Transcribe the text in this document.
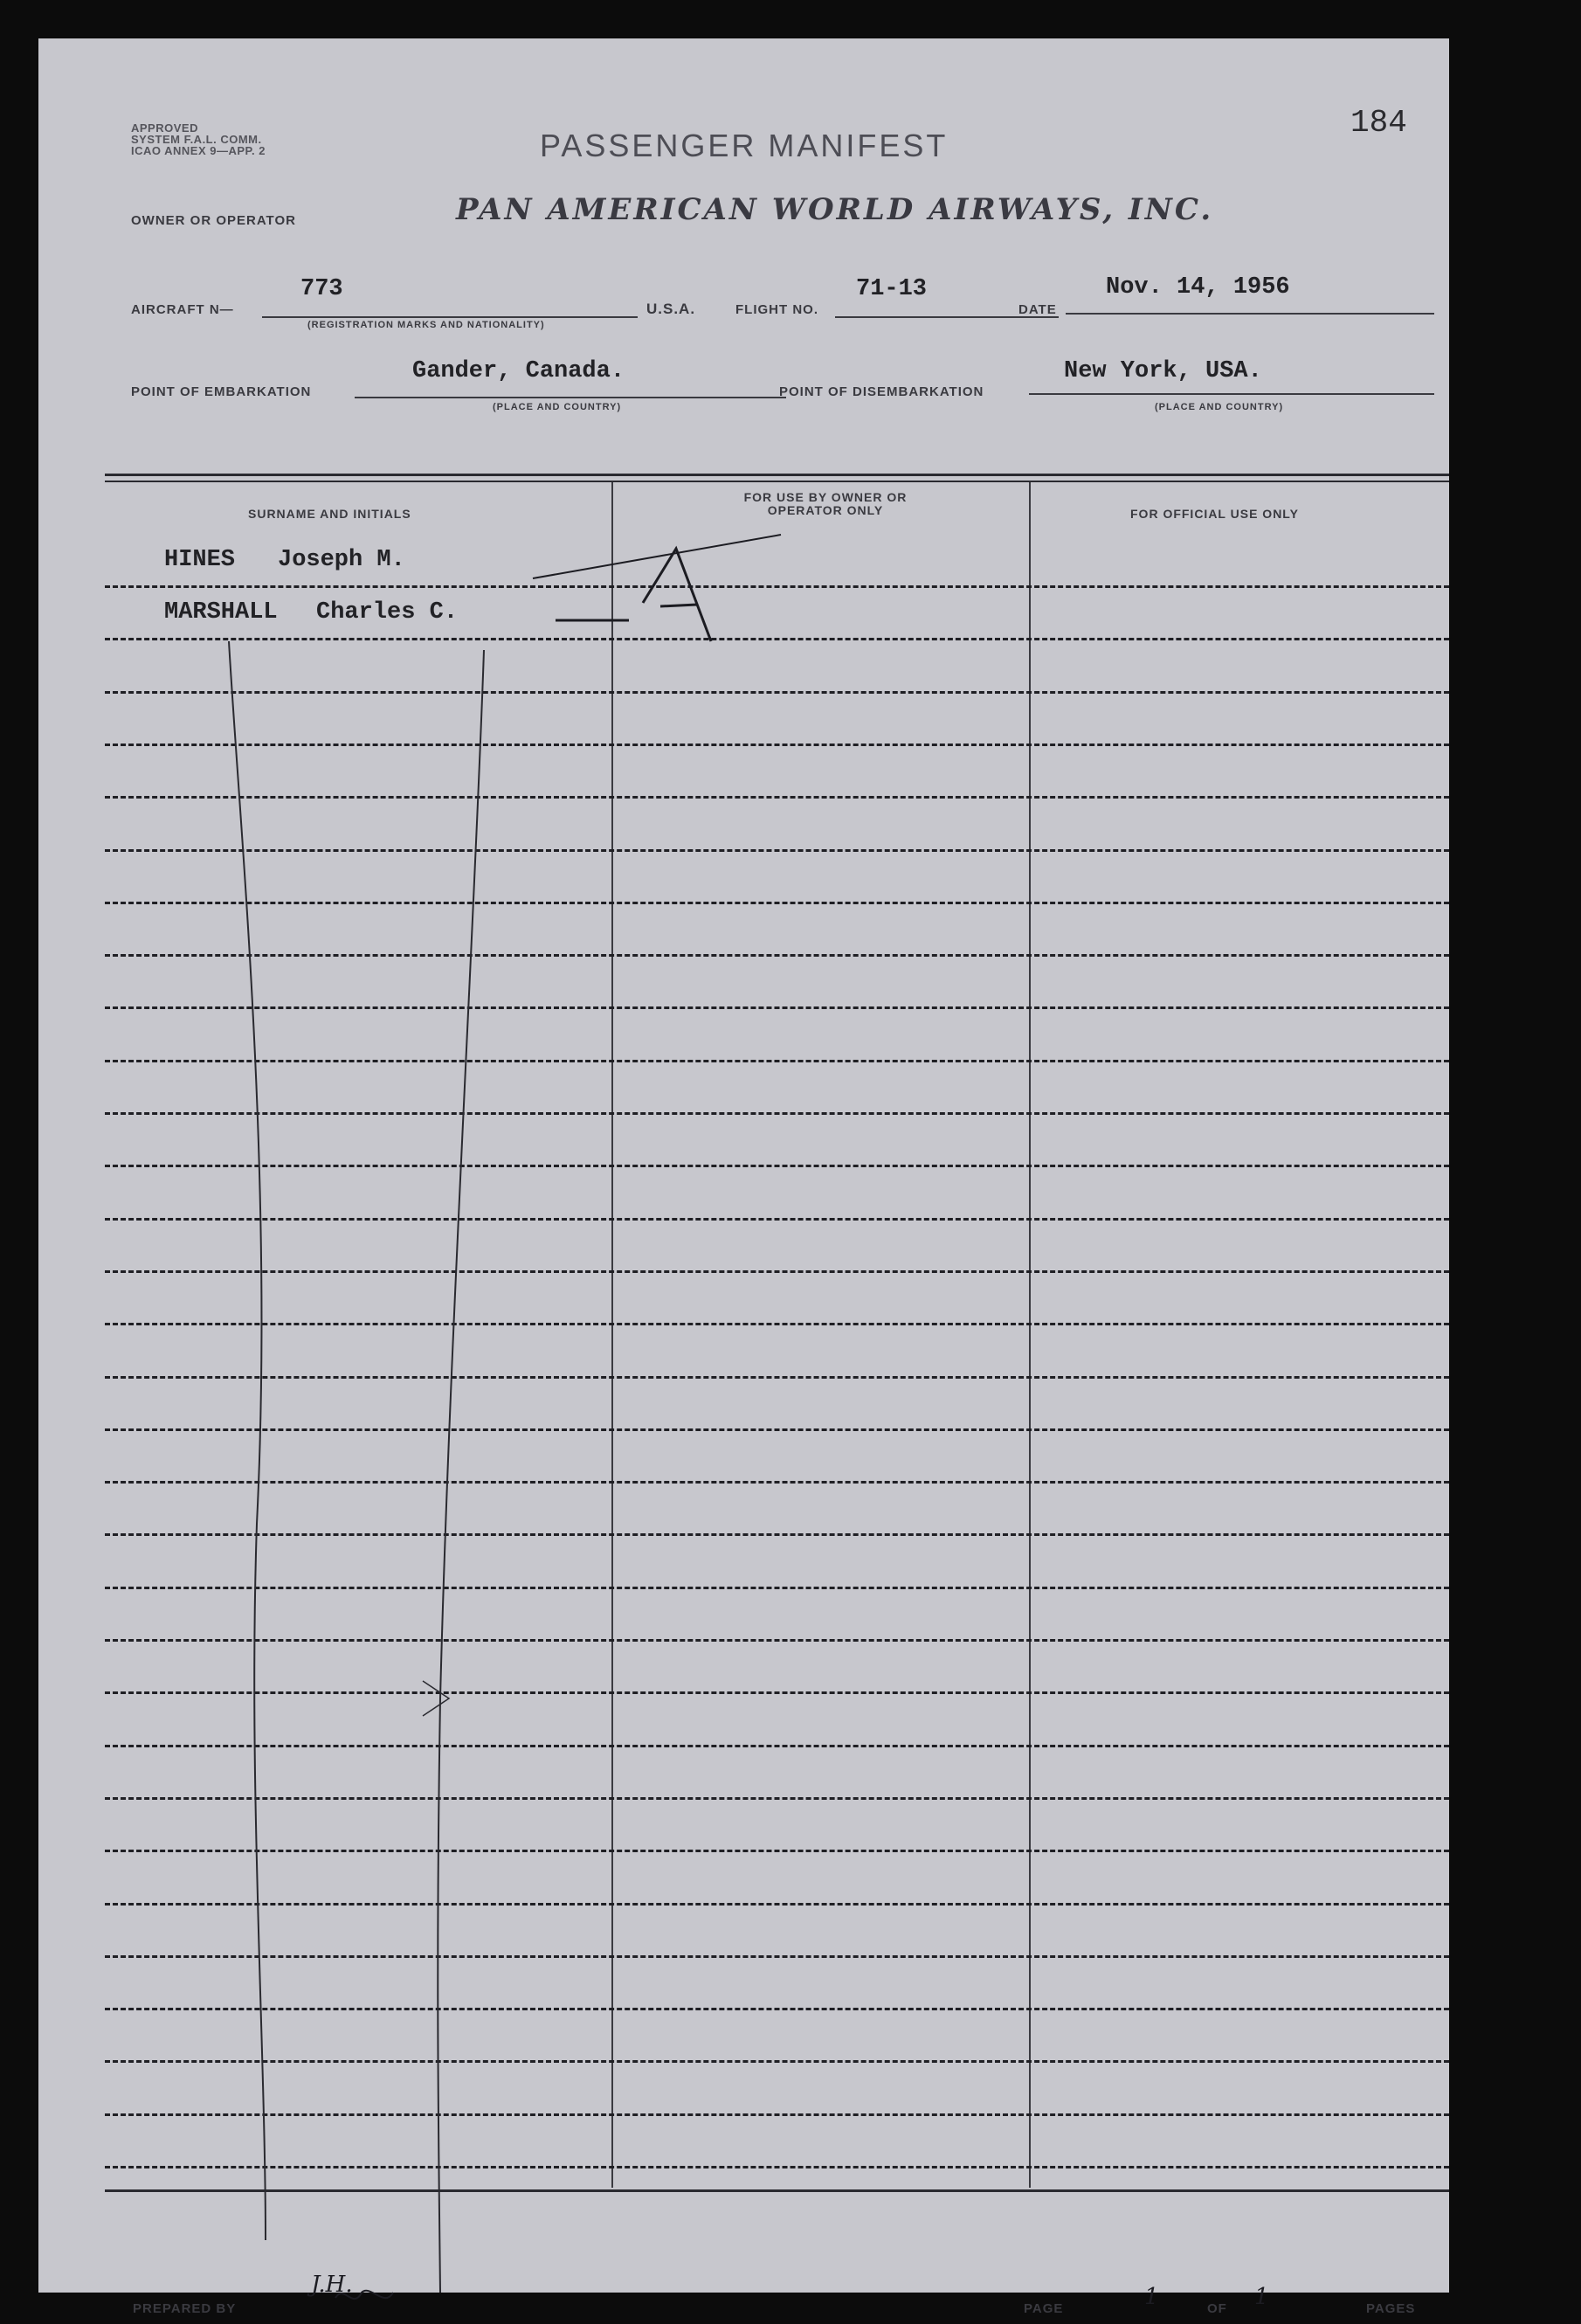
APPROVED
SYSTEM F.A.L. COMM.
ICAO ANNEX 9—APP. 2	PASSENGER MANIFEST
184
OWNER OR OPERATOR	PAN AMERICAN WORLD AIRWAYS, INC.
AIRCRAFT N—
773
(REGISTRATION MARKS AND NATIONALITY)
U.S.A.	FLIGHT NO.
71-13
DATE
Nov. 14, 1956
POINT OF EMBARKATION
Gander, Canada.
(PLACE AND COUNTRY)
POINT OF DISEMBARKATION
New York, USA.
(PLACE AND COUNTRY)
SURNAME AND INITIALS
FOR USE BY OWNER OR OPERATOR ONLY	FOR OFFICIAL USE ONLY
HINES Joseph M.
MARSHALL Charles C.
PREPARED BY
J.H.
PAGE	1	OF 1	PAGES
